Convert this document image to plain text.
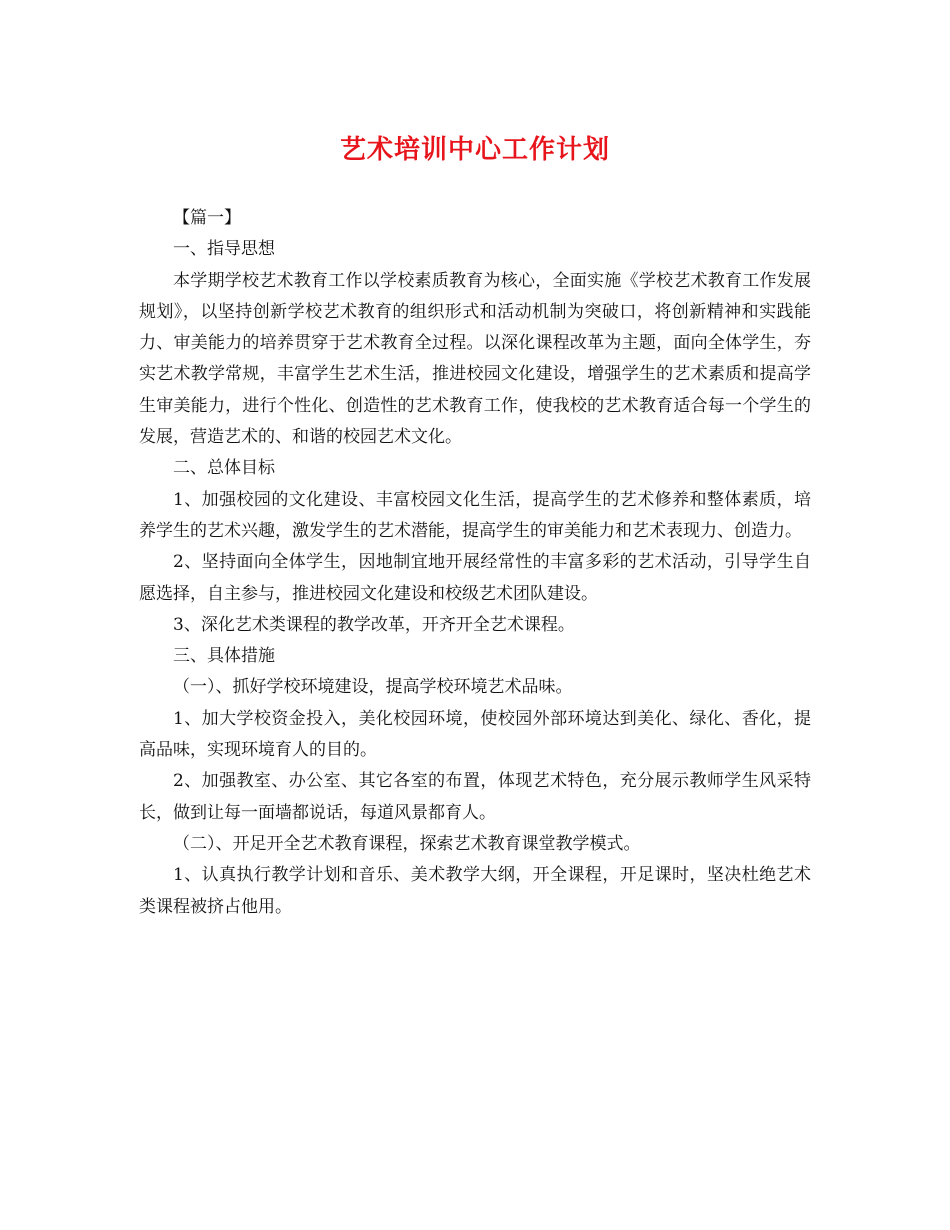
艺术培训中心工作计划

【篇一】

一、指导思想

本学期学校艺术教育工作以学校素质教育为核心，全面实施《学校艺术教育工作发展规划》，以坚持创新学校艺术教育的组织形式和活动机制为突破口，将创新精神和实践能力、审美能力的培养贯穿于艺术教育全过程。以深化课程改革为主题，面向全体学生，夯实艺术教学常规，丰富学生艺术生活，推进校园文化建设，增强学生的艺术素质和提高学生审美能力，进行个性化、创造性的艺术教育工作，使我校的艺术教育适合每一个学生的发展，营造艺术的、和谐的校园艺术文化。

二、总体目标

1、加强校园的文化建设、丰富校园文化生活，提高学生的艺术修养和整体素质，培养学生的艺术兴趣，激发学生的艺术潜能，提高学生的审美能力和艺术表现力、创造力。

2、坚持面向全体学生，因地制宜地开展经常性的丰富多彩的艺术活动，引导学生自愿选择，自主参与，推进校园文化建设和校级艺术团队建设。

3、深化艺术类课程的教学改革，开齐开全艺术课程。

三、具体措施

（一）、抓好学校环境建设，提高学校环境艺术品味。

1、加大学校资金投入，美化校园环境，使校园外部环境达到美化、绿化、香化，提高品味，实现环境育人的目的。

2、加强教室、办公室、其它各室的布置，体现艺术特色，充分展示教师学生风采特长，做到让每一面墙都说话，每道风景都育人。

（二）、开足开全艺术教育课程，探索艺术教育课堂教学模式。

1、认真执行教学计划和音乐、美术教学大纲，开全课程，开足课时，坚决杜绝艺术类课程被挤占他用。
